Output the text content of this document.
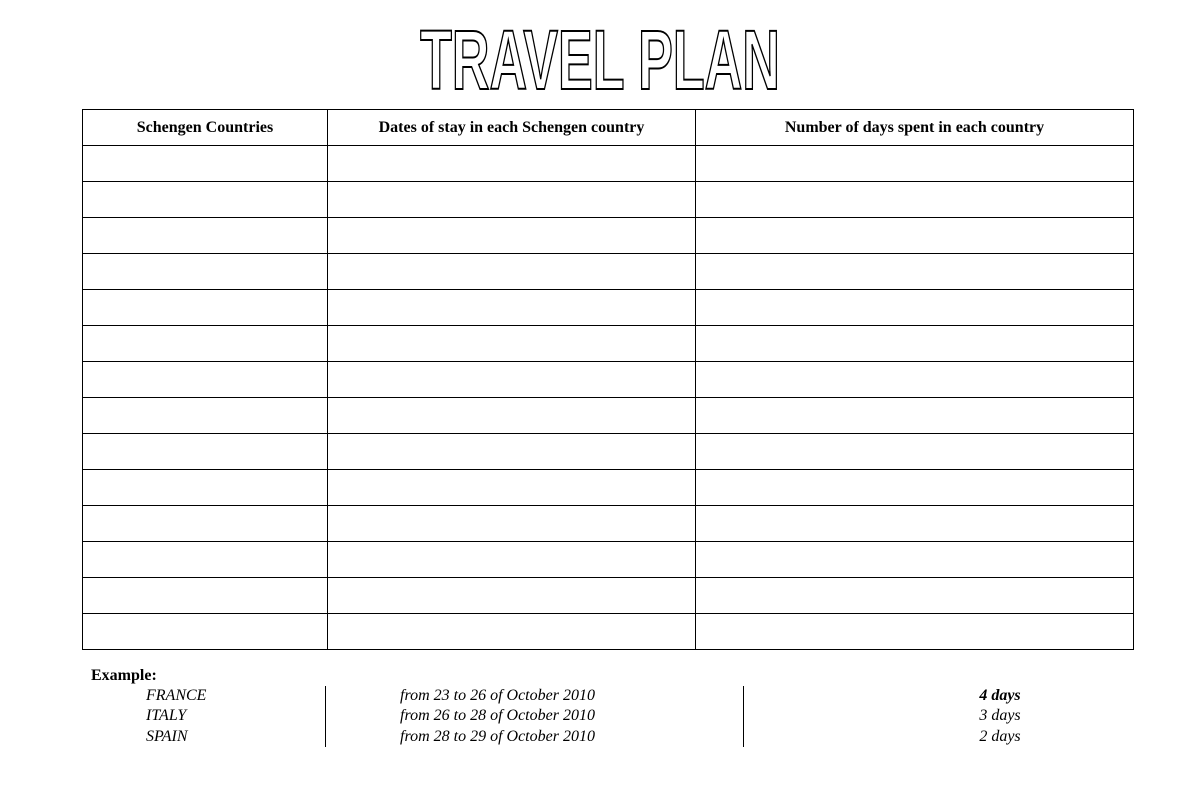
TRAVEL PLAN
Schengen Countries	Dates of stay in each Schengen country	Number of days spent in each country

Example:
FRANCE	from 23 to 26 of October 2010	4 days
ITALY	from 26 to 28 of October 2010	3 days
SPAIN	from 28 to 29 of October 2010	2 days
